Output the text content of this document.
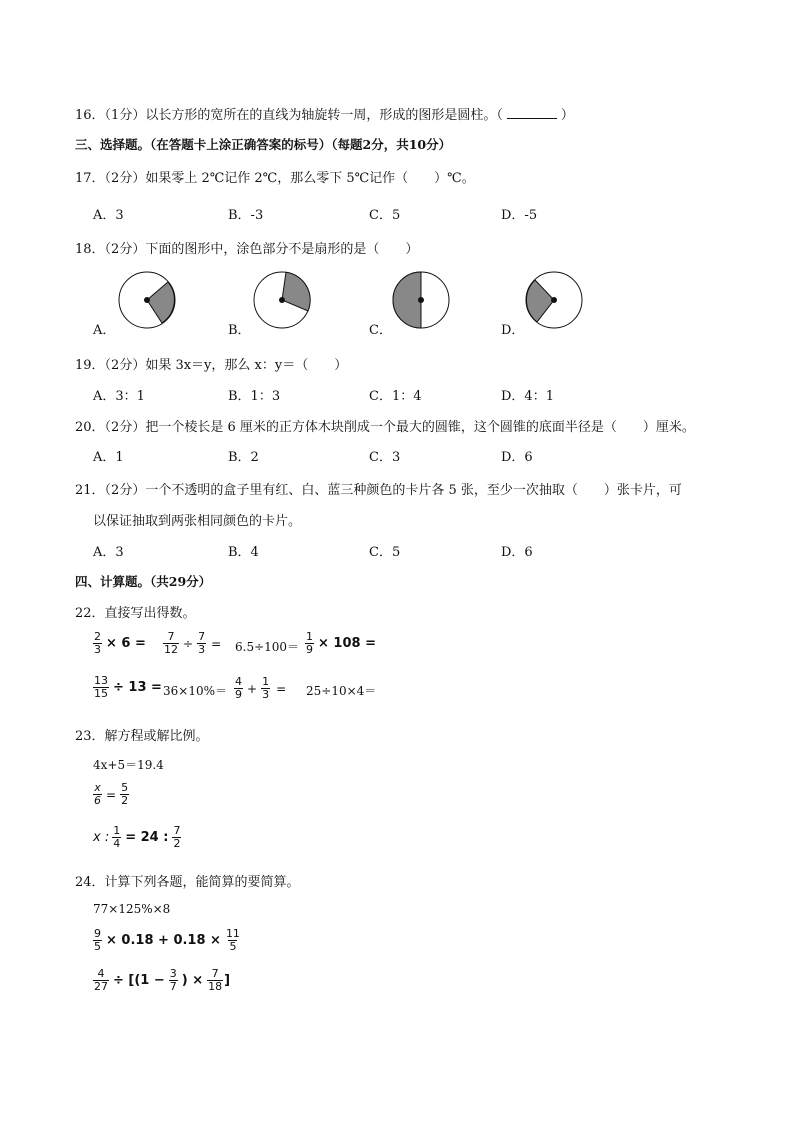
16．（1分）以长方形的宽所在的直线为轴旋转一周，形成的图形是圆柱。（	）
三、选择题。（在答题卡上涂正确答案的标号）（每题2分，共10分）
17．（2分）如果零上 2℃记作 2℃，那么零下 5℃记作（　　）℃。
A．3	B．-3	C．5	D．-5
18．（2分）下面的图形中，涂色部分不是扇形的是（　　）
A．	B．	C．	D．
19．（2分）如果 3x＝y，那么 x：y＝（　　）
A．3：1	B．1：3	C．1：4	D．4：1
20．（2分）把一个棱长是 6 厘米的正方体木块削成一个最大的圆锥，这个圆锥的底面半径是（　　）厘米。
A．1	B．2	C．3	D．6
21．（2分）一个不透明的盒子里有红、白、蓝三种颜色的卡片各 5 张，至少一次抽取（　　）张卡片，可
以保证抽取到两张相同颜色的卡片。
A．3	B．4	C．5	D．6
四、计算题。（共29分）
22．直接写出得数。
$\frac{2}{3} \times 6 = \frac{7}{12} \div \frac{7}{3} = 6.5\div 100= \frac{1}{9} \times 108$ =
$\frac{13}{15} \div 13 = 36\times 10\%= \frac{4}{9} + \frac{1}{3} = 25\div 10\times 4=$
23．解方程或解比例。
4x+5＝19.4
$\frac{x}{6} = \frac{5}{2}$
x : $\frac{1}{4} = 24$ : $\frac{7}{2}$
24．计算下列各题，能简算的要简算。
77×125%×8
$\frac{9}{5} \times 0.18 + 0.18 \times \frac{11}{5}$
$\frac{4}{27} \div [(1 - \frac{3}{7}$ ) × $\frac{7}{18}$ ]
